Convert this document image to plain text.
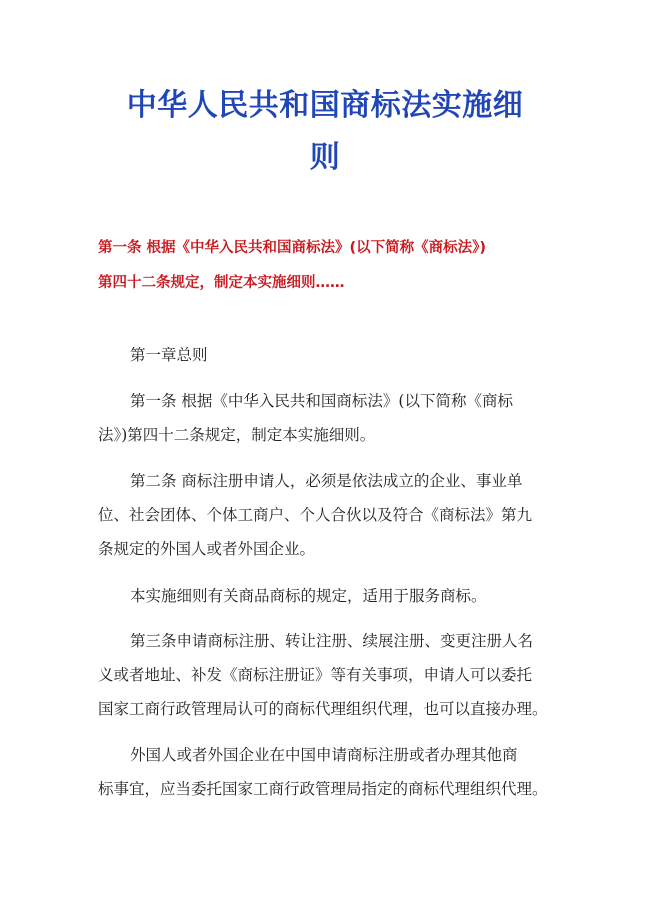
中华人民共和国商标法实施细
则
第一条 根据《中华入民共和国商标法》(以下简称《商标法》)
第四十二条规定，制定本实施细则……
第一章总则
第一条 根据《中华入民共和国商标法》(以下简称《商标
法》)第四十二条规定，制定本实施细则。
第二条 商标注册申请人，必须是依法成立的企业、事业单
位、社会团体、个体工商户、个人合伙以及符合《商标法》第九
条规定的外国人或者外国企业。
本实施细则有关商品商标的规定，适用于服务商标。
第三条申请商标注册、转让注册、续展注册、变更注册人名
义或者地址、补发《商标注册证》等有关事项，申请人可以委托
国家工商行政管理局认可的商标代理组织代理，也可以直接办理。
外国人或者外国企业在中国申请商标注册或者办理其他商
标事宜，应当委托国家工商行政管理局指定的商标代理组织代理。
